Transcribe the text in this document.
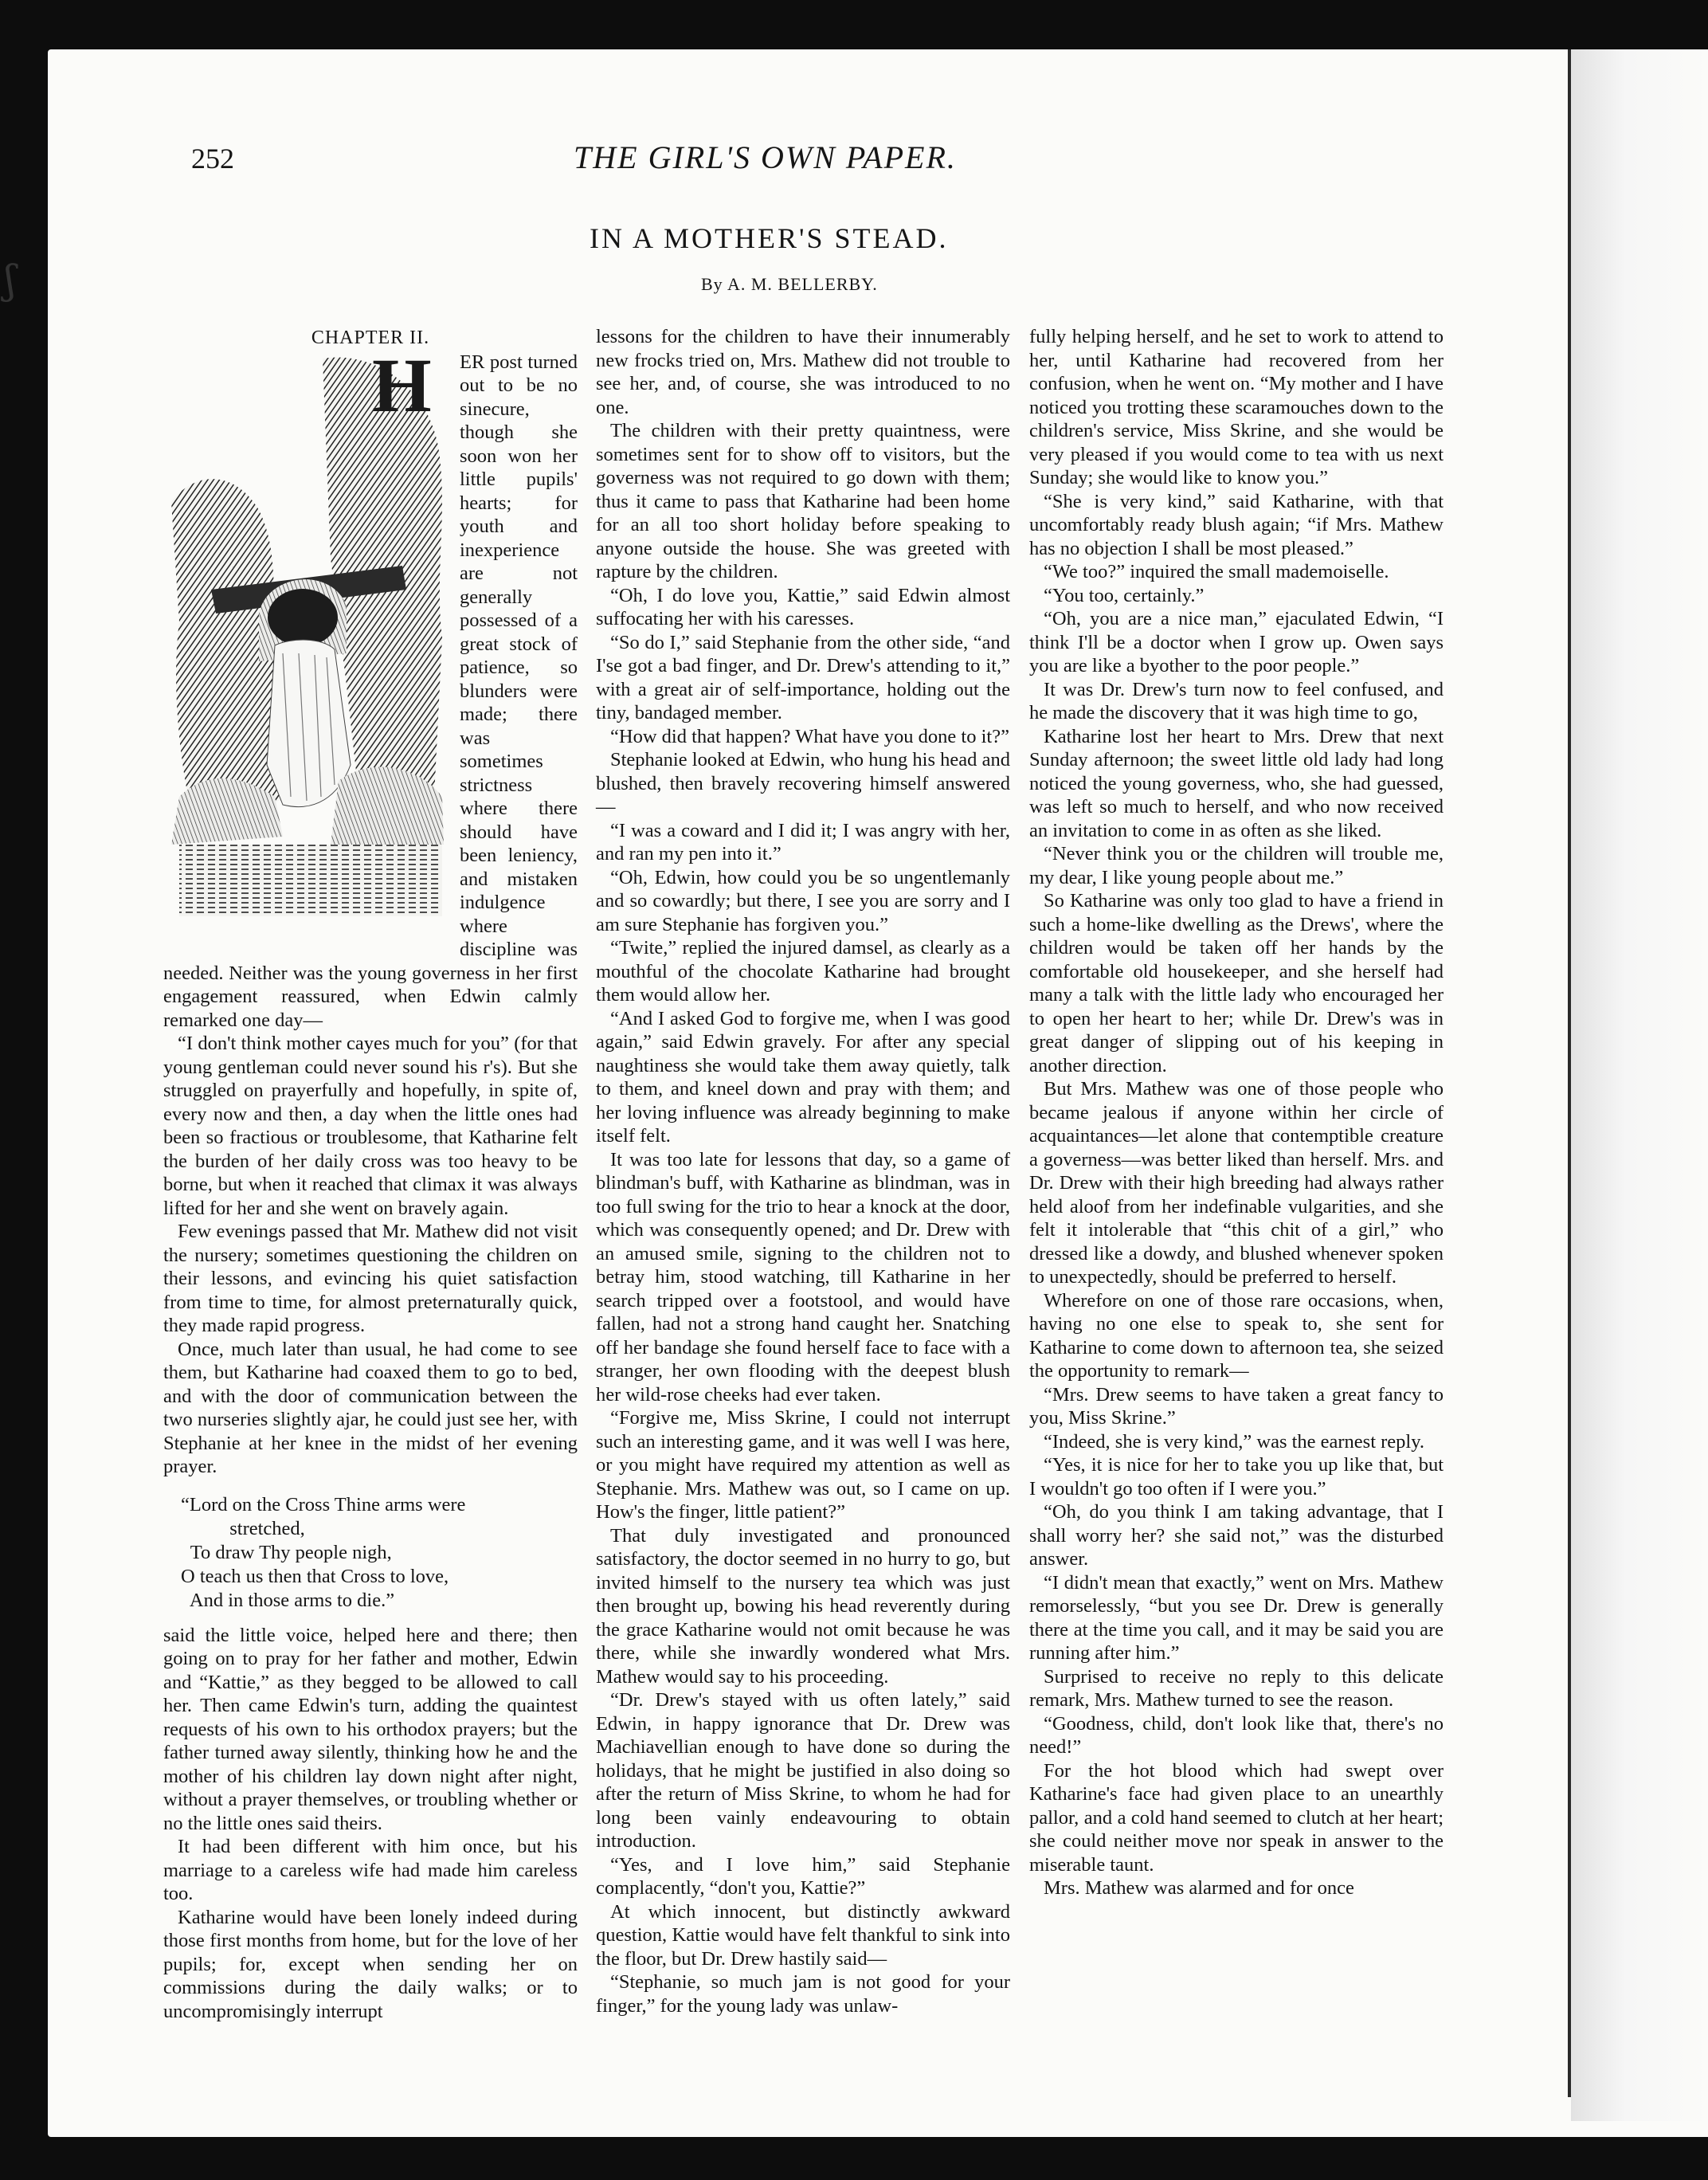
ʃ
252	THE GIRL'S OWN PAPER.
IN A MOTHER'S STEAD.
By A. M. BELLERBY.

CHAPTER II.

H	ER post turned out to be no sinecure, though she soon won her little pupils' hearts; for youth and inexperience are not generally possessed of a great stock of patience, so blunders were made; there was sometimes strictness where there should have been leniency, and mistaken indulgence where discipline was needed. Neither was the young governess in her first engagement reassured, when Edwin calmly remarked one day—

“I don't think mother cayes much for you” (for that young gentleman could never sound his r's). But she struggled on prayerfully and hopefully, in spite of, every now and then, a day when the little ones had been so fractious or troublesome, that Katharine felt the burden of her daily cross was too heavy to be borne, but when it reached that climax it was always lifted for her and she went on bravely again.

Few evenings passed that Mr. Mathew did not visit the nursery; sometimes questioning the children on their lessons, and evincing his quiet satisfaction from time to time, for almost preternaturally quick, they made rapid progress.

Once, much later than usual, he had come to see them, but Katharine had coaxed them to go to bed, and with the door of communication between the two nurseries slightly ajar, he could just see her, with Stephanie at her knee in the midst of her evening prayer.

“Lord on the Cross Thine arms were
stretched,
To draw Thy people nigh,
O teach us then that Cross to love,
And in those arms to die.”

said the little voice, helped here and there; then going on to pray for her father and mother, Edwin and “Kattie,” as they begged to be allowed to call her. Then came Edwin's turn, adding the quaintest requests of his own to his orthodox prayers; but the father turned away silently, thinking how he and the mother of his children lay down night after night, without a prayer themselves, or troubling whether or no the little ones said theirs.

It had been different with him once, but his marriage to a careless wife had made him careless too.

Katharine would have been lonely indeed during those first months from home, but for the love of her pupils; for, except when sending her on commissions during the daily walks; or to uncompromisingly interrupt

lessons for the children to have their innumerably new frocks tried on, Mrs. Mathew did not trouble to see her, and, of course, she was introduced to no one.

The children with their pretty quaintness, were sometimes sent for to show off to visitors, but the governess was not required to go down with them; thus it came to pass that Katharine had been home for an all too short holiday before speaking to anyone outside the house. She was greeted with rapture by the children.

“Oh, I do love you, Kattie,” said Edwin almost suffocating her with his caresses.

“So do I,” said Stephanie from the other side, “and I'se got a bad finger, and Dr. Drew's attending to it,” with a great air of self-importance, holding out the tiny, bandaged member.

“How did that happen? What have you done to it?”

Stephanie looked at Edwin, who hung his head and blushed, then bravely recovering himself answered—

“I was a coward and I did it; I was angry with her, and ran my pen into it.”

“Oh, Edwin, how could you be so ungentlemanly and so cowardly; but there, I see you are sorry and I am sure Stephanie has forgiven you.”

“Twite,” replied the injured damsel, as clearly as a mouthful of the chocolate Katharine had brought them would allow her.

“And I asked God to forgive me, when I was good again,” said Edwin gravely. For after any special naughtiness she would take them away quietly, talk to them, and kneel down and pray with them; and her loving influence was already beginning to make itself felt.

It was too late for lessons that day, so a game of blindman's buff, with Katharine as blindman, was in too full swing for the trio to hear a knock at the door, which was consequently opened; and Dr. Drew with an amused smile, signing to the children not to betray him, stood watching, till Katharine in her search tripped over a footstool, and would have fallen, had not a strong hand caught her. Snatching off her bandage she found herself face to face with a stranger, her own flooding with the deepest blush her wild-rose cheeks had ever taken.

“Forgive me, Miss Skrine, I could not interrupt such an interesting game, and it was well I was here, or you might have required my attention as well as Stephanie. Mrs. Mathew was out, so I came on up. How's the finger, little patient?”

That duly investigated and pronounced satisfactory, the doctor seemed in no hurry to go, but invited himself to the nursery tea which was just then brought up, bowing his head reverently during the grace Katharine would not omit because he was there, while she inwardly wondered what Mrs. Mathew would say to his proceeding.

“Dr. Drew's stayed with us often lately,” said Edwin, in happy ignorance that Dr. Drew was Machiavellian enough to have done so during the holidays, that he might be justified in also doing so after the return of Miss Skrine, to whom he had for long been vainly endeavouring to obtain introduction.

“Yes, and I love him,” said Stephanie complacently, “don't you, Kattie?”

At which innocent, but distinctly awkward question, Kattie would have felt thankful to sink into the floor, but Dr. Drew hastily said—

“Stephanie, so much jam is not good for your finger,” for the young lady was unlaw-

fully helping herself, and he set to work to attend to her, until Katharine had recovered from her confusion, when he went on. “My mother and I have noticed you trotting these scaramouches down to the children's service, Miss Skrine, and she would be very pleased if you would come to tea with us next Sunday; she would like to know you.”

“She is very kind,” said Katharine, with that uncomfortably ready blush again; “if Mrs. Mathew has no objection I shall be most pleased.”

“We too?” inquired the small mademoiselle.

“You too, certainly.”

“Oh, you are a nice man,” ejaculated Edwin, “I think I'll be a doctor when I grow up. Owen says you are like a byother to the poor people.”

It was Dr. Drew's turn now to feel confused, and he made the discovery that it was high time to go,

Katharine lost her heart to Mrs. Drew that next Sunday afternoon; the sweet little old lady had long noticed the young governess, who, she had guessed, was left so much to herself, and who now received an invitation to come in as often as she liked.

“Never think you or the children will trouble me, my dear, I like young people about me.”

So Katharine was only too glad to have a friend in such a home-like dwelling as the Drews', where the children would be taken off her hands by the comfortable old housekeeper, and she herself had many a talk with the little lady who encouraged her to open her heart to her; while Dr. Drew's was in great danger of slipping out of his keeping in another direction.

But Mrs. Mathew was one of those people who became jealous if anyone within her circle of acquaintances—let alone that contemptible creature a governess—was better liked than herself. Mrs. and Dr. Drew with their high breeding had always rather held aloof from her indefinable vulgarities, and she felt it intolerable that “this chit of a girl,” who dressed like a dowdy, and blushed whenever spoken to unexpectedly, should be preferred to herself.

Wherefore on one of those rare occasions, when, having no one else to speak to, she sent for Katharine to come down to afternoon tea, she seized the opportunity to remark—

“Mrs. Drew seems to have taken a great fancy to you, Miss Skrine.”

“Indeed, she is very kind,” was the earnest reply.

“Yes, it is nice for her to take you up like that, but I wouldn't go too often if I were you.”

“Oh, do you think I am taking advantage, that I shall worry her? she said not,” was the disturbed answer.

“I didn't mean that exactly,” went on Mrs. Mathew remorselessly, “but you see Dr. Drew is generally there at the time you call, and it may be said you are running after him.”

Surprised to receive no reply to this delicate remark, Mrs. Mathew turned to see the reason.

“Goodness, child, don't look like that, there's no need!”

For the hot blood which had swept over Katharine's face had given place to an unearthly pallor, and a cold hand seemed to clutch at her heart; she could neither move nor speak in answer to the miserable taunt.

Mrs. Mathew was alarmed and for once
